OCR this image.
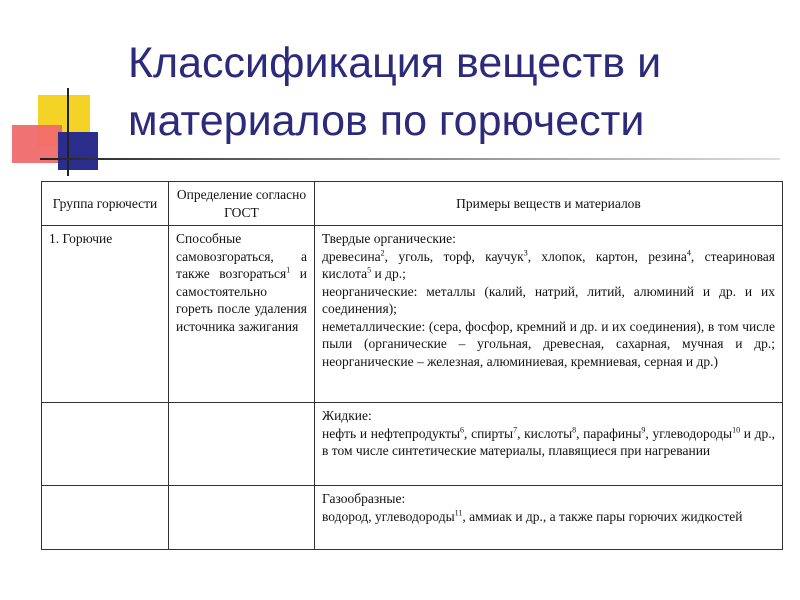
Классификация веществ и материалов по горючести
Группа горючести	Определение согласно ГОСТ	Примеры веществ и материалов
1. Горючие	Способные самовозгораться, а также возгораться$^1$ и самостоятельно гореть после удаления источника зажигания	Твердые органические:
древесина$^2$, уголь, торф, каучук$^3$, хлопок, картон, резина$^4$, стеариновая кислота$^5$ и др.;
неорганические: металлы (калий, натрий, литий, алюминий и др. и их соединения);
неметаллические: (сера, фосфор, кремний и др. и их соединения), в том числе пыли (органические – угольная, древесная, сахарная, мучная и др.; неорганические – железная, алюминиевая, кремниевая, серная и др.)

		Жидкие:
нефть и нефтепродукты$^6$, спирты$^7$, кислоты$^8$, парафины$^9$, углеводороды$^{10}$ и др., в том числе синтетические материалы, плавящиеся при нагревании

		Газообразные:
водород, углеводороды$^{11}$, аммиак и др., а также пары горючих жидкостей
